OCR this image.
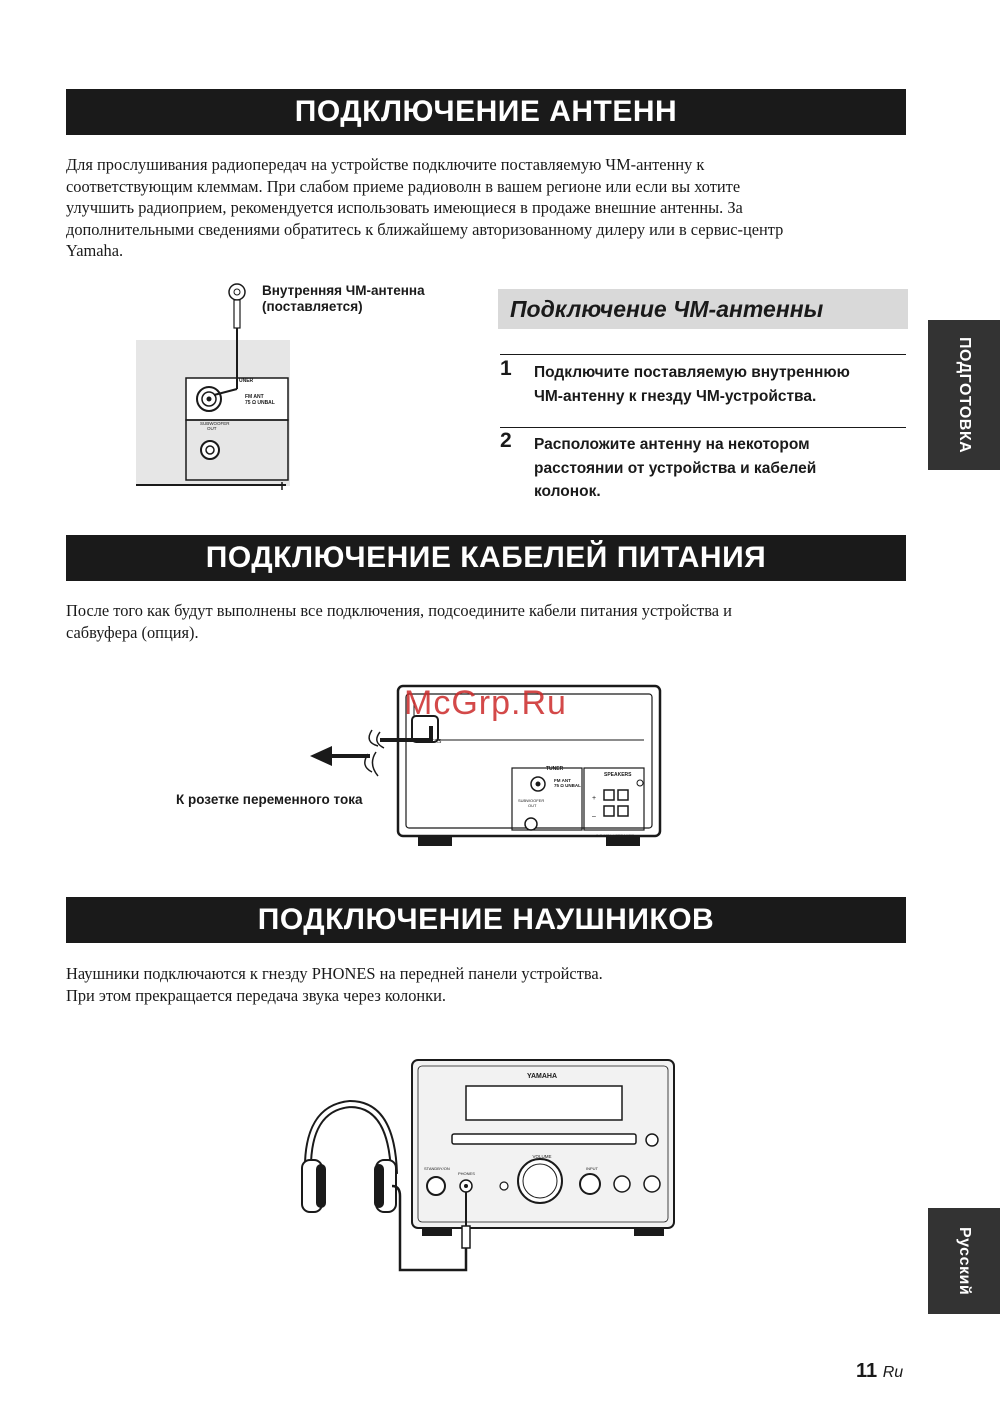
ПОДКЛЮЧЕНИЕ АНТЕНН
Для прослушивания радиопередач на устройстве подключите поставляемую ЧМ-антенну к
соответствующим клеммам. При слабом приеме радиоволн в вашем регионе или если вы хотите
улучшить радиоприем, рекомендуется использовать имеющиеся в продаже внешние антенны. За
дополнительными сведениями обратитесь к ближайшему авторизованному дилеру или в сервис-центр
Yamaha.
UNER
FM ANT
75 Ω UNBAL
SUBWOOFER
OUT
Внутренняя ЧМ-антенна
(поставляется)	Подключение ЧМ-антенны
1 Подключите поставляемую внутреннюю
ЧМ-антенну к гнезду ЧМ-устройства.
2 Расположите антенну на некотором
расстоянии от устройства и кабелей
колонок.
ПОДГОТОВКА
ПОДКЛЮЧЕНИЕ КАБЕЛЕЙ ПИТАНИЯ
После того как будут выполнены все подключения, подсоедините кабели питания устройства и
сабвуфера (опция).
ERS
TUNER
FM ANT
75 Ω UNBAL
SUBWOOFER
OUT
SPEAKERS
+
–
6 Ω MIN. / SPEAKER
McGrp.Ru
К розетке переменного тока
ПОДКЛЮЧЕНИЕ НАУШНИКОВ
Наушники подключаются к гнезду PHONES на передней панели устройства.
При этом прекращается передача звука через колонки.
YAMAHA
VOLUME
STANDBY/ON
PHONES
INPUT
Русский
11 Ru
